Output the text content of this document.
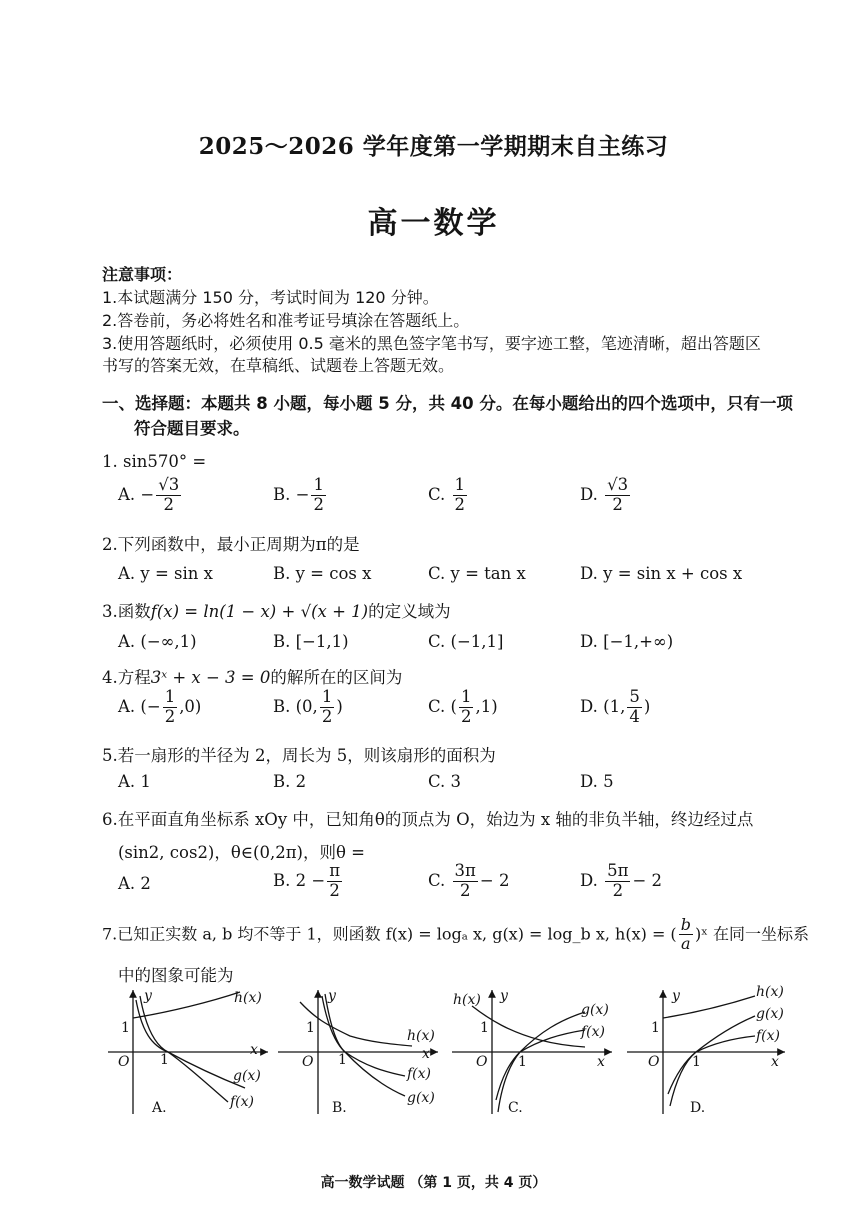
2025～2026 学年度第一学期期末自主练习
高一数学
注意事项：
1.本试题满分 150 分，考试时间为 120 分钟。
2.答卷前，务必将姓名和准考证号填涂在答题纸上。
3.使用答题纸时，必须使用 0.5 毫米的黑色签字笔书写，要字迹工整，笔迹清晰，超出答题区
书写的答案无效，在草稿纸、试题卷上答题无效。
一、选择题：本题共 8 小题，每小题 5 分，共 40 分。在每小题给出的四个选项中，只有一项
符合题目要求。
1. sin570° =
A. − $\frac{√3}{2}$	B. − $\frac{1}{2}$	C. $\frac{1}{2}$	D. $\frac{√3}{2}$
2.下列函数中，最小正周期为π的是
A. y = sin x	B. y = cos x	C. y = tan x	D. y = sin x + cos x
3.函数f(x) = ln(1 − x) + √(x + 1)的定义域为
A. (−∞,1)	B. [−1,1)	C. (−1,1]	D. [−1,+∞)
4.方程3ˣ + x − 3 = 0的解所在的区间为
A. (− $\frac{1}{2} ,0$)	B. (0, $\frac{1}{2}$ )	C. ( $\frac{1}{2} ,1$)	D. (1, $\frac{5}{4}$ )
5.若一扇形的半径为 2，周长为 5，则该扇形的面积为
A. 1	B. 2	C. 3	D. 5
6.在平面直角坐标系 xOy 中，已知角θ的顶点为 O，始边为 x 轴的非负半轴，终边经过点
(sin2, cos2)，θ∈(0,2π)，则θ =
A. 2	B. $2 - \frac{\pi}{2}$	C. $\frac{3\pi}{2} - 2$	D. $\frac{5\pi}{2} - 2$
7.已知正实数 a, b 均不等于 1，则函数 f(x) = logₐ x, g(x) = log_b x, h(x) = ( $\frac{b}{a}$ )ˣ 在同一坐标系
中的图象可能为
y
O
1
1
x
h(x)
g(x)
f(x)
A.
y
O
1
1	x
h(x)
f(x)
g(x)
B.
y
h(x)
O
1
1	x
g(x)
f(x)
C.
y
O
1
1	x
h(x)
g(x)
f(x)
D.
高一数学试题 （第 1 页，共 4 页）
